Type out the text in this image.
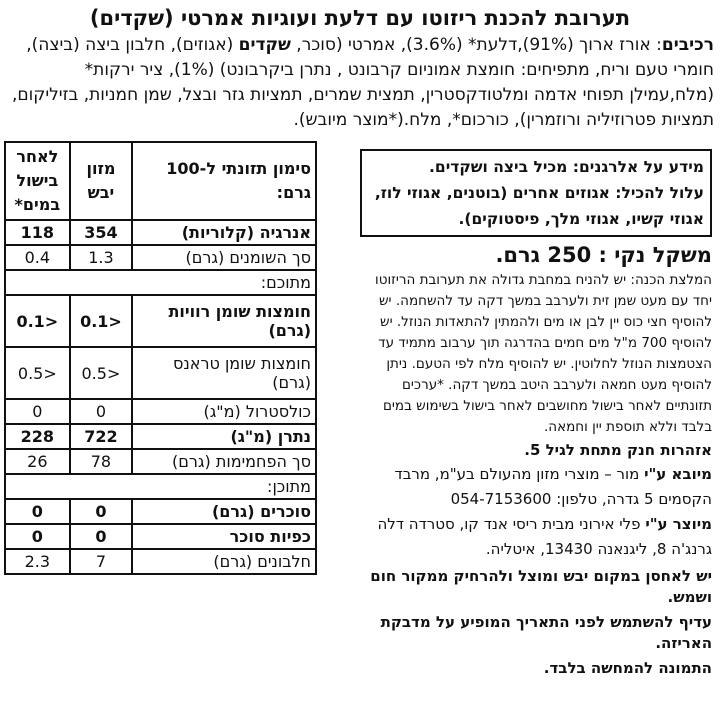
תערובת להכנת ריזוטו עם דלעת ועוגיות אמרטי (שקדים)
רכיבים: אורז ארוך (91%),דלעת* (3.6%), אמרטי (סוכר, שקדים (אגוזים), חלבון ביצה (ביצה), חומרי טעם וריח, מתפיחים: חומצת אמוניום קרבונט , נתרן ביקרבונט) (1%), ציר ירקות* (מלח,עמילן תפוחי אדמה ומלטודקסטרין, תמצית שמרים, תמציות גזר ובצל, שמן חמניות, בזיליקום, תמציות פטרוזיליה ורוזמרין), כורכום*, מלח.(*מוצר מיובש).
סימון תזונתי ל-100 גרם:	מזון יבש	לאחר בישול במים*
אנרגיה (קלוריות)	354	118
סך השומנים (גרם)	1.3	0.4
מתוכם:		
חומצות שומן רוויות (גרם)	<0.1	<0.1
חומצות שומן טראנס (גרם)	<0.5	<0.5
כולסטרול (מ"ג)	0	0
נתרן (מ"ג)	722	228
סך הפחמימות (גרם)	78	26
מתוכן:		
סוכרים (גרם)	0	0
כפיות סוכר	0	0
חלבונים (גרם)	7	2.3
מידע על אלרגנים: מכיל ביצה ושקדים.
עלול להכיל: אגוזים אחרים (בוטנים, אגוזי לוז, אגוזי קשיו, אגוזי מלך, פיסטוקים).
משקל נקי : 250 גרם.
המלצת הכנה: יש להניח במחבת גדולה את תערובת הריזוטו יחד עם מעט שמן זית ולערבב במשך דקה עד להשחמה. יש להוסיף חצי כוס יין לבן או מים ולהמתין להתאדות הנוזל. יש להוסיף 700 מ"ל מים חמים בהדרגה תוך ערבוב מתמיד עד הצטמצות הנוזל לחלוטין. יש להוסיף מלח לפי הטעם. ניתן להוסיף מעט חמאה ולערבב היטב במשך דקה. *ערכים תזונתיים לאחר בישול מחושבים לאחר בישול בשימוש במים בלבד וללא תוספת יין וחמאה.
אזהרות חנק מתחת לגיל 5.
מיובא ע"י מור – מוצרי מזון מהעולם בע"מ, מרבד הקסמים 5 גדרה, טלפון: 054-7153600
מיוצר ע"י פלי אירוני מבית ריסי אנד קו, סטרדה דלה גרנג'ה 8, ליגנאנה 13430, איטליה.
יש לאחסן במקום יבש ומוצל ולהרחיק ממקור חום ושמש.
עדיף להשתמש לפני התאריך המופיע על מדבקת האריזה.
התמונה להמחשה בלבד.
